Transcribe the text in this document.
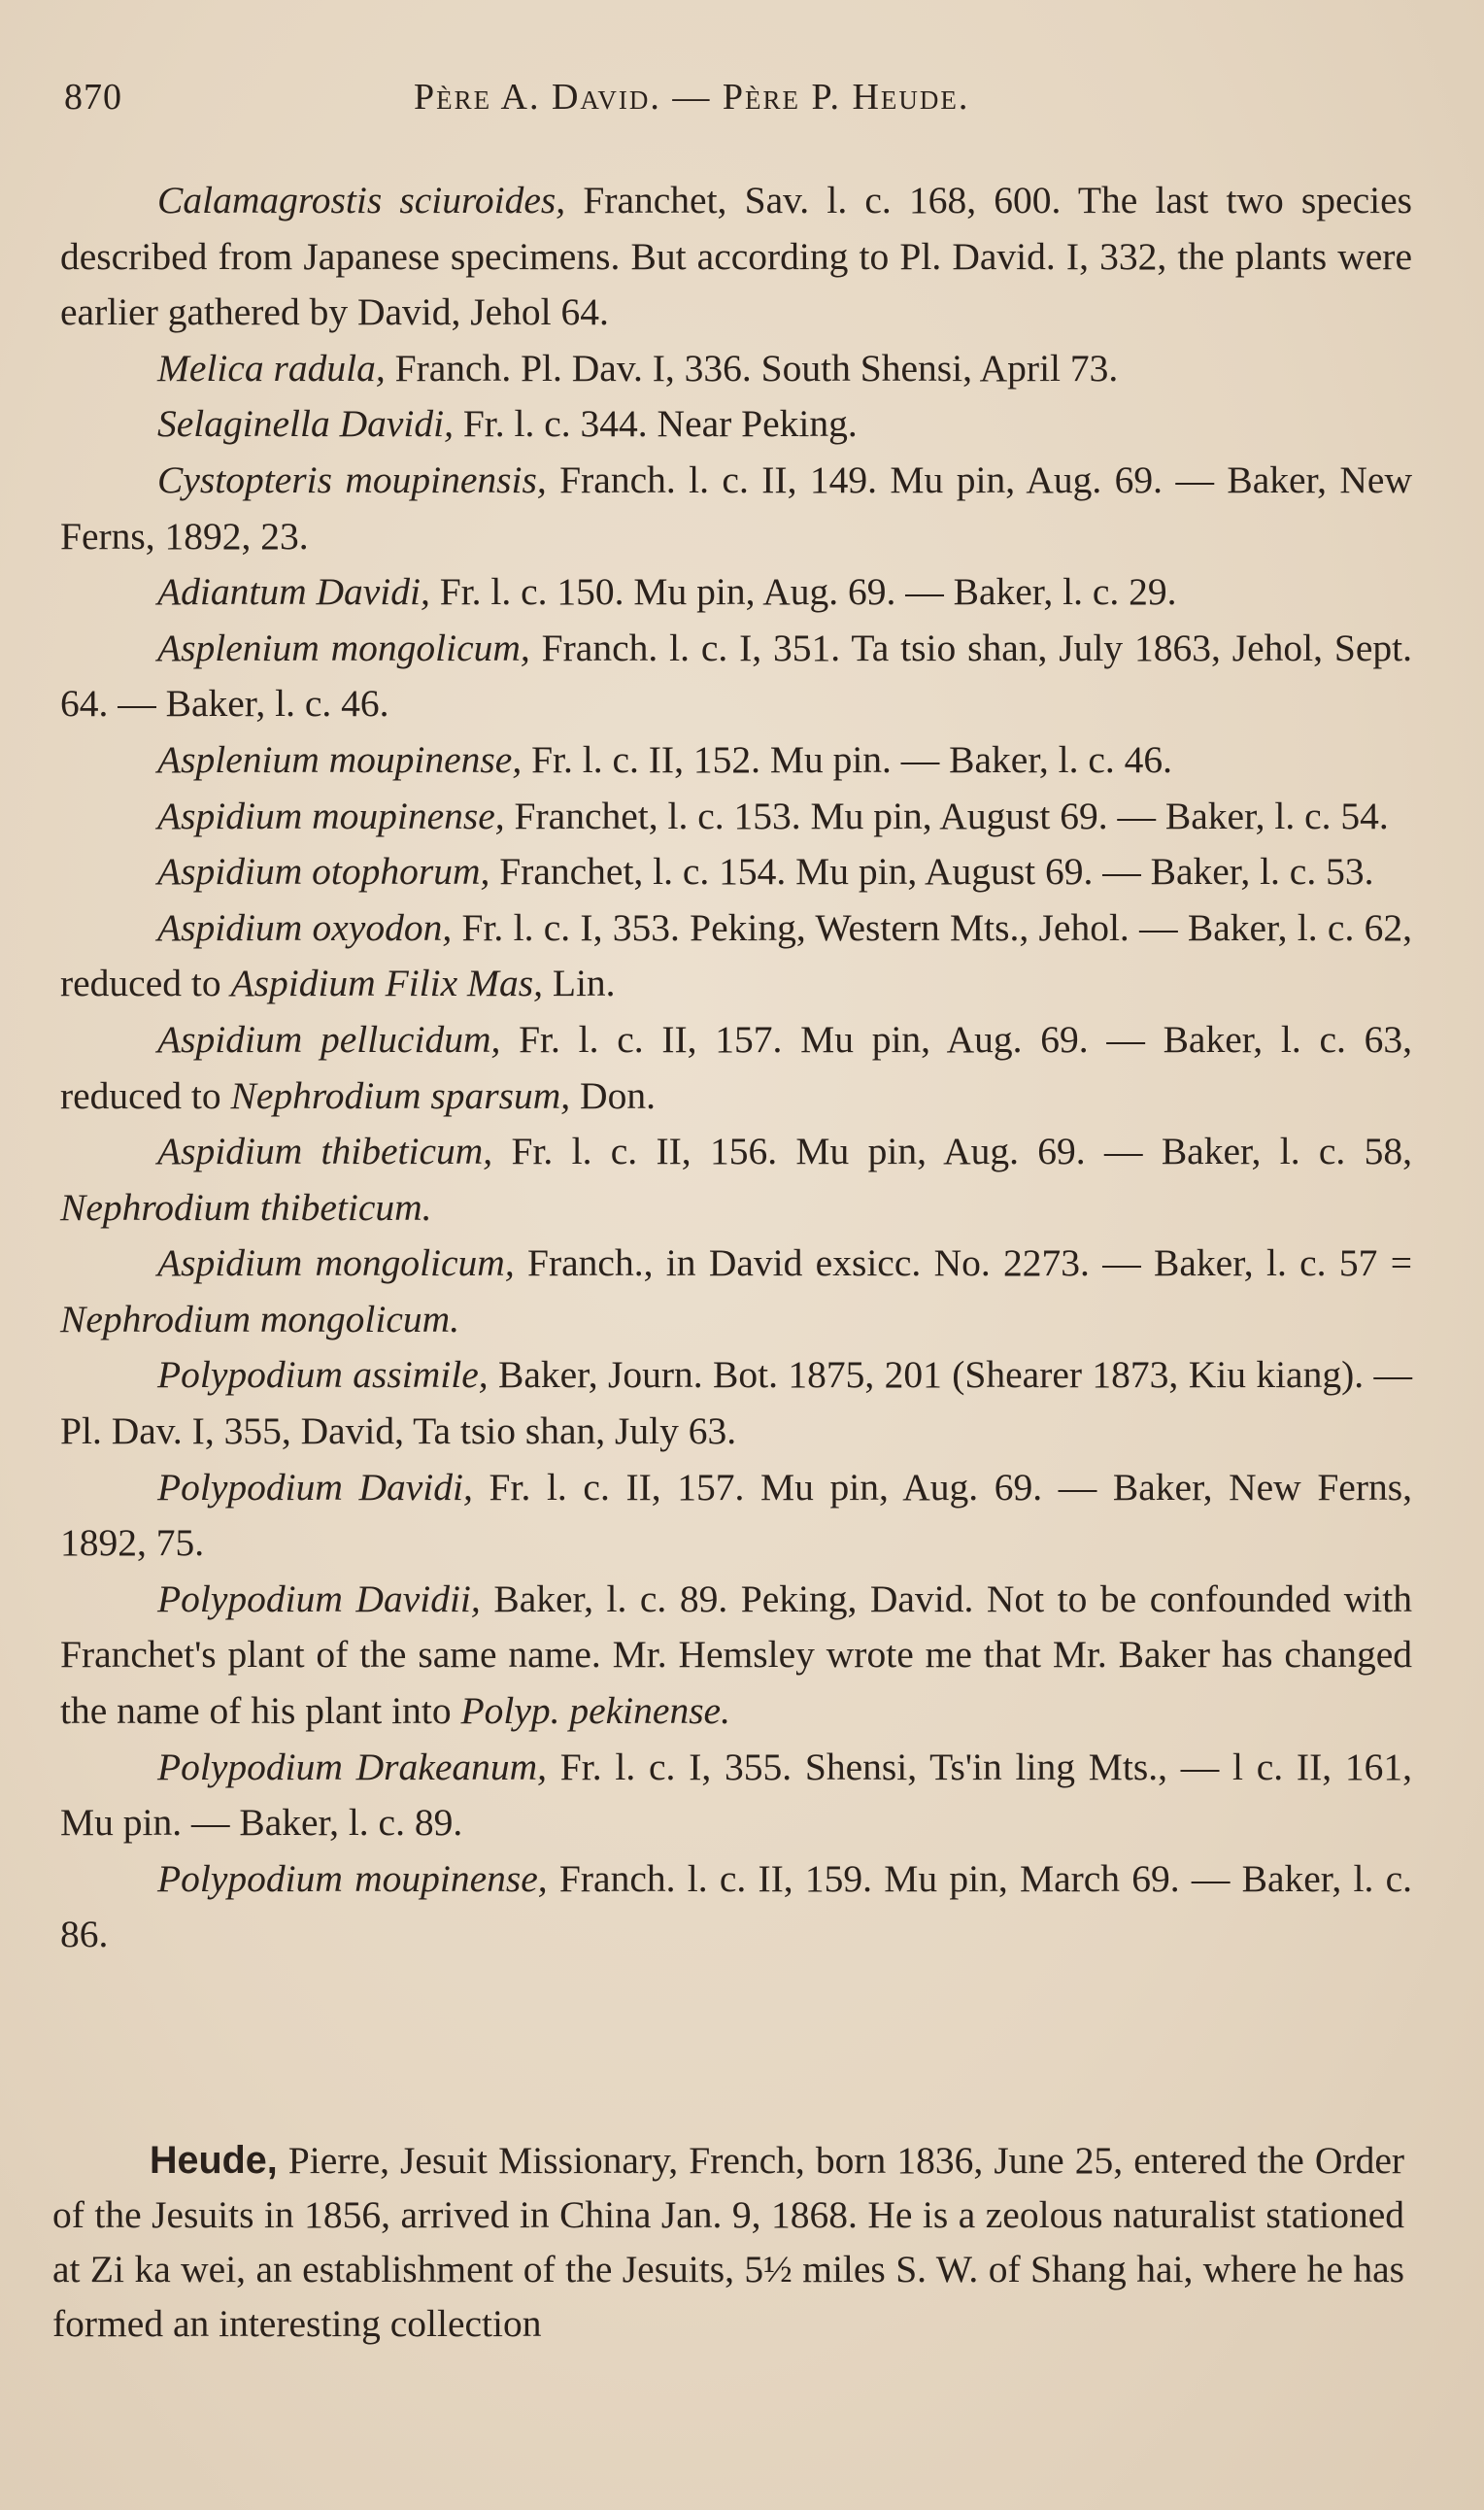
870	Père A. David. — Père P. Heude.

Calamagrostis sciuroides, Franchet, Sav. l. c. 168, 600. The last two species described from Japanese specimens. But according to Pl. David. I, 332, the plants were earlier gathered by David, Jehol 64.

Melica radula, Franch. Pl. Dav. I, 336. South Shensi, April 73.

Selaginella Davidi, Fr. l. c. 344. Near Peking.

Cystopteris moupinensis, Franch. l. c. II, 149. Mu pin, Aug. 69. — Baker, New Ferns, 1892, 23.

Adiantum Davidi, Fr. l. c. 150. Mu pin, Aug. 69. — Baker, l. c. 29.

Asplenium mongolicum, Franch. l. c. I, 351. Ta tsio shan, July 1863, Jehol, Sept. 64. — Baker, l. c. 46.

Asplenium moupinense, Fr. l. c. II, 152. Mu pin. — Baker, l. c. 46.

Aspidium moupinense, Franchet, l. c. 153. Mu pin, August 69. — Baker, l. c. 54.

Aspidium otophorum, Franchet, l. c. 154. Mu pin, August 69. — Baker, l. c. 53.

Aspidium oxyodon, Fr. l. c. I, 353. Peking, Western Mts., Jehol. — Baker, l. c. 62, reduced to Aspidium Filix Mas, Lin.

Aspidium pellucidum, Fr. l. c. II, 157. Mu pin, Aug. 69. — Baker, l. c. 63, reduced to Nephrodium sparsum, Don.

Aspidium thibeticum, Fr. l. c. II, 156. Mu pin, Aug. 69. — Baker, l. c. 58, Nephrodium thibeticum.

Aspidium mongolicum, Franch., in David exsicc. No. 2273. — Baker, l. c. 57 = Nephrodium mongolicum.

Polypodium assimile, Baker, Journ. Bot. 1875, 201 (Shearer 1873, Kiu kiang). — Pl. Dav. I, 355, David, Ta tsio shan, July 63.

Polypodium Davidi, Fr. l. c. II, 157. Mu pin, Aug. 69. — Baker, New Ferns, 1892, 75.

Polypodium Davidii, Baker, l. c. 89. Peking, David. Not to be confounded with Franchet's plant of the same name. Mr. Hemsley wrote me that Mr. Baker has changed the name of his plant into Polyp. pekinense.

Polypodium Drakeanum, Fr. l. c. I, 355. Shensi, Ts'in ling Mts., — l c. II, 161, Mu pin. — Baker, l. c. 89.

Polypodium moupinense, Franch. l. c. II, 159. Mu pin, March 69. — Baker, l. c. 86.

Heude, Pierre, Jesuit Missionary, French, born 1836, June 25, entered the Order of the Jesuits in 1856, arrived in China Jan. 9, 1868. He is a zeolous naturalist stationed at Zi ka wei, an establishment of the Jesuits, 5½ miles S. W. of Shang hai, where he has formed an interesting collection
